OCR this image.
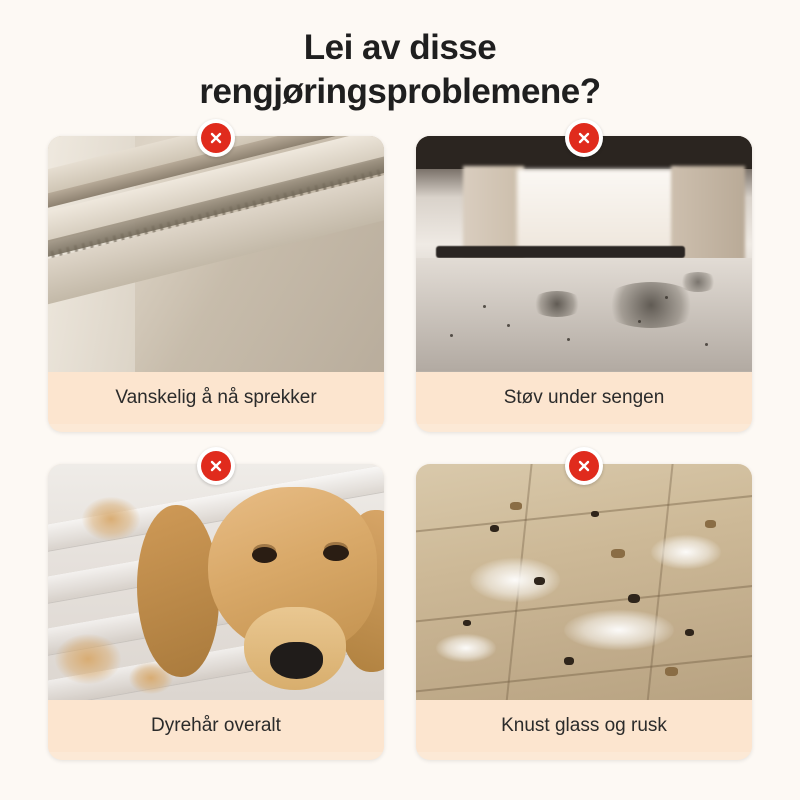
Lei av disse
rengjøringsproblemene?
Vanskelig å nå sprekker	Støv under sengen
Dyrehår overalt	Knust glass og rusk
